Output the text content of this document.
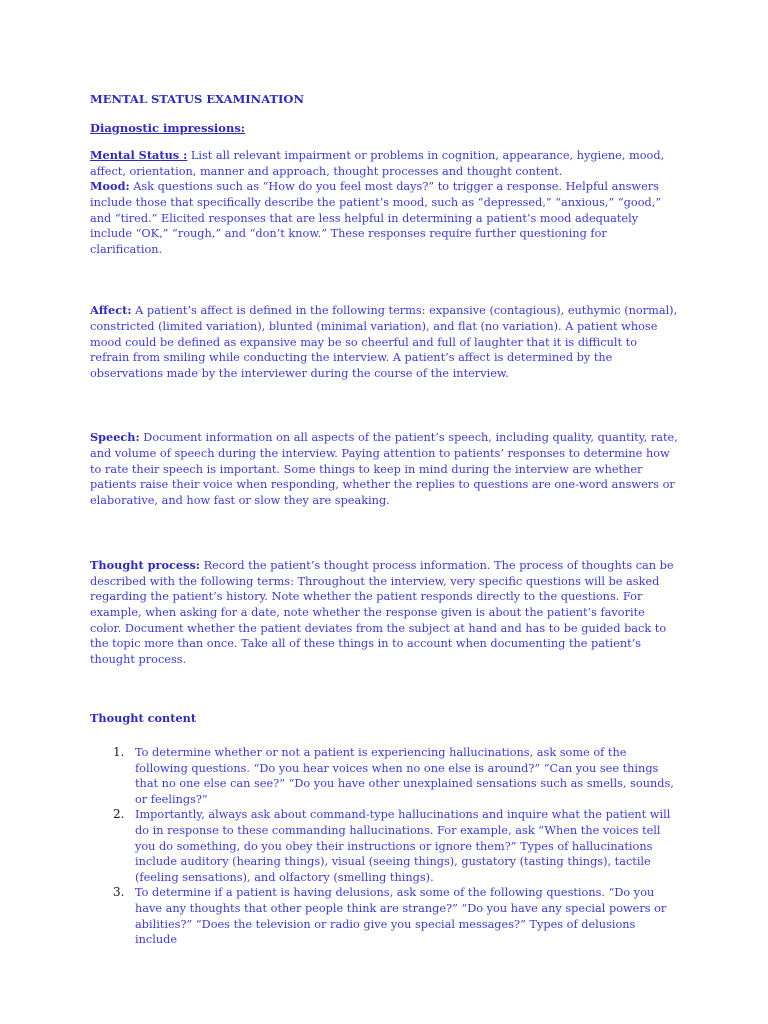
MENTAL STATUS EXAMINATION
Diagnostic impressions:

Mental Status : List all relevant impairment or problems in cognition, appearance, hygiene, mood, affect, orientation, manner and approach, thought processes and thought content.

Mood: Ask questions such as “How do you feel most days?” to trigger a response. Helpful answers include those that specifically describe the patient’s mood, such as “depressed,” “anxious,” “good,” and “tired.” Elicited responses that are less helpful in determining a patient’s mood adequately include “OK,” “rough,” and “don’t know.” These responses require further questioning for clarification.

Affect: A patient’s affect is defined in the following terms: expansive (contagious), euthymic (normal), constricted (limited variation), blunted (minimal variation), and flat (no variation). A patient whose mood could be defined as expansive may be so cheerful and full of laughter that it is difficult to refrain from smiling while conducting the interview. A patient’s affect is determined by the observations made by the interviewer during the course of the interview.

Speech: Document information on all aspects of the patient’s speech, including quality, quantity, rate, and volume of speech during the interview. Paying attention to patients’ responses to determine how to rate their speech is important. Some things to keep in mind during the interview are whether patients raise their voice when responding, whether the replies to questions are one-word answers or elaborative, and how fast or slow they are speaking.

Thought process: Record the patient’s thought process information. The process of thoughts can be described with the following terms: Throughout the interview, very specific questions will be asked regarding the patient’s history. Note whether the patient responds directly to the questions. For example, when asking for a date, note whether the response given is about the patient’s favorite color. Document whether the patient deviates from the subject at hand and has to be guided back to the topic more than once. Take all of these things in to account when documenting the patient’s thought process.

Thought content
1. To determine whether or not a patient is experiencing hallucinations, ask some of the following questions. “Do you hear voices when no one else is around?” “Can you see things that no one else can see?” “Do you have other unexplained sensations such as smells, sounds, or feelings?”
2. Importantly, always ask about command-type hallucinations and inquire what the patient will do in response to these commanding hallucinations. For example, ask “When the voices tell you do something, do you obey their instructions or ignore them?” Types of hallucinations include auditory (hearing things), visual (seeing things), gustatory (tasting things), tactile (feeling sensations), and olfactory (smelling things).
3. To determine if a patient is having delusions, ask some of the following questions. “Do you have any thoughts that other people think are strange?” “Do you have any special powers or abilities?” “Does the television or radio give you special messages?” Types of delusions include
